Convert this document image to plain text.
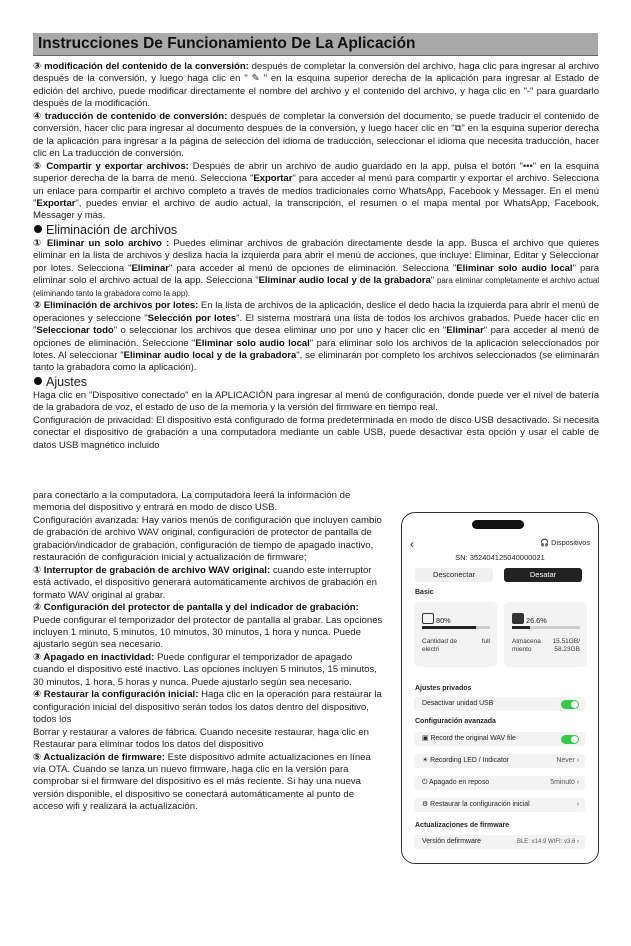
Instrucciones De Funcionamiento De La Aplicación

③ modificación del contenido de la conversión: después de completar la conversión del archivo, haga clic para ingresar al archivo después de la conversión, y luego haga clic en " ✎ " en la esquina superior derecha de la aplicación para ingresar al Estado de edición del archivo, puede modificar directamente el nombre del archivo y el contenido del archivo, y haga clic en "-" para guardarlo después de la modificación.

④ traducción de contenido de conversión: después de completar la conversión del documento, se puede traducir el contenido de conversión, hacer clic para ingresar al documento después de la conversión, y luego hacer clic en "⧉" en la esquina superior derecha de la aplicación para ingresar a la página de selección del idioma de traducción, seleccionar el idioma que necesita traducción, hacer clic en La traducción de conversión.

⑤ Compartir y exportar archivos: Después de abrir un archivo de audio guardado en la app, pulsa el botón "•••" en la esquina superior derecha de la barra de menú. Selecciona "Exportar" para acceder al menú para compartir y exportar el archivo. Selecciona un enlace para compartir el archivo completo a través de medios tradicionales como WhatsApp, Facebook y Messager. En el menú "Exportar", puedes enviar el archivo de audio actual, la transcripción, el resumen o el mapa mental por WhatsApp, Facebook, Messager y más.

Eliminación de archivos

① Eliminar un solo archivo : Puedes eliminar archivos de grabación directamente desde la app. Busca el archivo que quieres eliminar en la lista de archivos y desliza hacia la izquierda para abrir el menú de acciones, que incluye: Eliminar, Editar y Seleccionar por lotes. Selecciona "Eliminar" para acceder al menú de opciones de eliminación. Selecciona "Eliminar solo audio local" para eliminar solo el archivo actual de la app. Selecciona "Eliminar audio local y de la grabadora" para eliminar completamente el archivo actual (eliminando tanto la grabadora como la app).

② Eliminación de archivos por lotes: En la lista de archivos de la aplicación, deslice el dedo hacia la izquierda para abrir el menú de operaciones y seleccione "Selección por lotes". El sistema mostrará una lista de todos los archivos grabados. Puede hacer clic en "Seleccionar todo" o seleccionar los archivos que desea eliminar uno por uno y hacer clic en "Eliminar" para acceder al menú de opciones de eliminación. Seleccione "Eliminar solo audio local" para eliminar solo los archivos de la aplicación seleccionados por lotes. Al seleccionar "Eliminar audio local y de la grabadora", se eliminarán por completo los archivos seleccionados (se eliminarán tanto la grabadora como la aplicación).

Ajustes

Haga clic en "Dispositivo conectado" en la APLICACIÓN para ingresar al menú de configuración, donde puede ver el nivel de batería de la grabadora de voz, el estado de uso de la memoria y la versión del firmware en tiempo real.

Configuración de privacidad: El dispositivo está configurado de forma predeterminada en modo de disco USB desactivado. Si necesita conectar el dispositivo de grabación a una computadora mediante un cable USB, puede desactivar esta opción y usar el cable de datos USB magnético incluido

para conectarlo a la computadora. La computadora leerá la información de memoria del dispositivo y entrará en modo de disco USB.

Configuración avanzada: Hay varios menús de configuración que incluyen cambio de grabación de archivo WAV original, configuración de protector de pantalla de grabación/indicador de grabación, configuración de tiempo de apagado inactivo, restauración de configuración inicial y actualización de firmware;

① Interruptor de grabación de archivo WAV original: cuando este interruptor está activado, el dispositivo generará automáticamente archivos de grabación en formato WAV original al grabar.

② Configuración del protector de pantalla y del indicador de grabación: Puede configurar el temporizador del protector de pantalla al grabar. Las opciones incluyen 1 minuto, 5 minutos, 10 minutos, 30 minutos, 1 hora y nunca. Puede ajustarlo según sea necesario.

③ Apagado en inactividad: Puede configurar el temporizador de apagado cuando el dispositivo esté inactivo. Las opciones incluyen 5 minutos, 15 minutos, 30 minutos, 1 hora, 5 horas y nunca. Puede ajustarlo según sea necesario.

④ Restaurar la configuración inicial: Haga clic en la operación para restaurar la configuración inicial del dispositivo serán todos los datos dentro del dispositivo, todos los

Borrar y restaurar a valores de fábrica. Cuando necesite restaurar, haga clic en Restaurar para eliminar todos los datos del dispositivo

⑤ Actualización de firmware: Este dispositivo admite actualizaciones en línea vía OTA. Cuando se lanza un nuevo firmware, haga clic en la versión para comprobar si el firmware del dispositivo es el más reciente. Si hay una nueva versión disponible, el dispositivo se conectará automáticamente al punto de acceso wifi y realizará la actualización.

‹	🎧 Dispositivos
SN: 352404125040000021
Desconectar	Desatar
Basic
80%
Cantidad de electri
full
26.6%
Almacena miento
15.51GB/ 58.23GB
Ajustes privados
Desactivar unidad USB
Configuración avanzada
▣ Record the original WAV file
☀ Recording LED / Indicator	Never ›
⏻ Apagado en reposo	5minuto ›
⚙ Restaurar la configuración inicial	›
Actualizaciones de firmware
Versión defirmware	BLE: v14.9 WIFI: v3.6 ›
